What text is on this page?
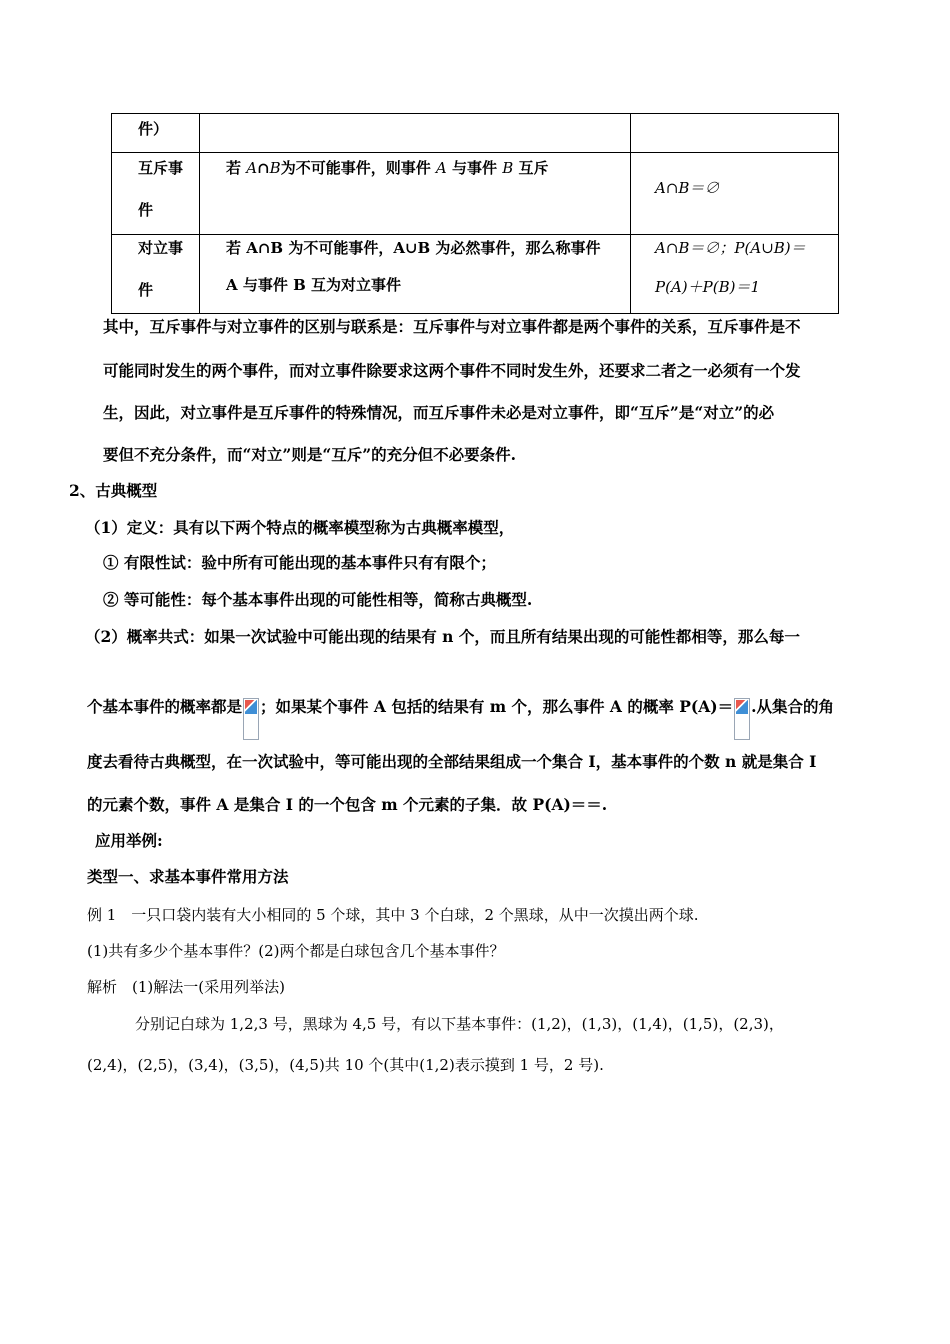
件）
互斥事
件
若 A∩B为不可能事件，则事件 A 与事件 B 互斥
A∩B＝∅
对立事
件
若 A∩B 为不可能事件，A∪B 为必然事件，那么称事件
A 与事件 B 互为对立事件
A∩B＝∅；P(A∪B)＝
P(A)＋P(B)＝1
其中，互斥事件与对立事件的区别与联系是：互斥事件与对立事件都是两个事件的关系，互斥事件是不
可能同时发生的两个事件，而对立事件除要求这两个事件不同时发生外，还要求二者之一必须有一个发
生，因此，对立事件是互斥事件的特殊情况，而互斥事件未必是对立事件，即“互斥”是“对立”的必
要但不充分条件，而“对立”则是“互斥”的充分但不必要条件.
2、古典概型
（1）定义：具有以下两个特点的概率模型称为古典概率模型，
① 有限性试：验中所有可能出现的基本事件只有有限个；
② 等可能性：每个基本事件出现的可能性相等，简称古典概型.
（2）概率共式：如果一次试验中可能出现的结果有 n 个，而且所有结果出现的可能性都相等，那么每一
个基本事件的概率都是 ；如果某个事件 A 包括的结果有 m 个，那么事件 A 的概率 P(A)＝ .从集合的角
度去看待古典概型，在一次试验中，等可能出现的全部结果组成一个集合 I，基本事件的个数 n 就是集合 I
的元素个数，事件 A 是集合 I 的一个包含 m 个元素的子集．故 P(A)＝＝.
应用举例:
类型一、求基本事件常用方法
例 1　一只口袋内装有大小相同的 5 个球，其中 3 个白球，2 个黑球，从中一次摸出两个球.
(1)共有多少个基本事件？(2)两个都是白球包含几个基本事件？
解析　(1)解法一(采用列举法)
分别记白球为 1,2,3 号，黑球为 4,5 号，有以下基本事件：(1,2)，(1,3)，(1,4)，(1,5)，(2,3)，
(2,4)，(2,5)，(3,4)，(3,5)，(4,5)共 10 个(其中(1,2)表示摸到 1 号，2 号).
